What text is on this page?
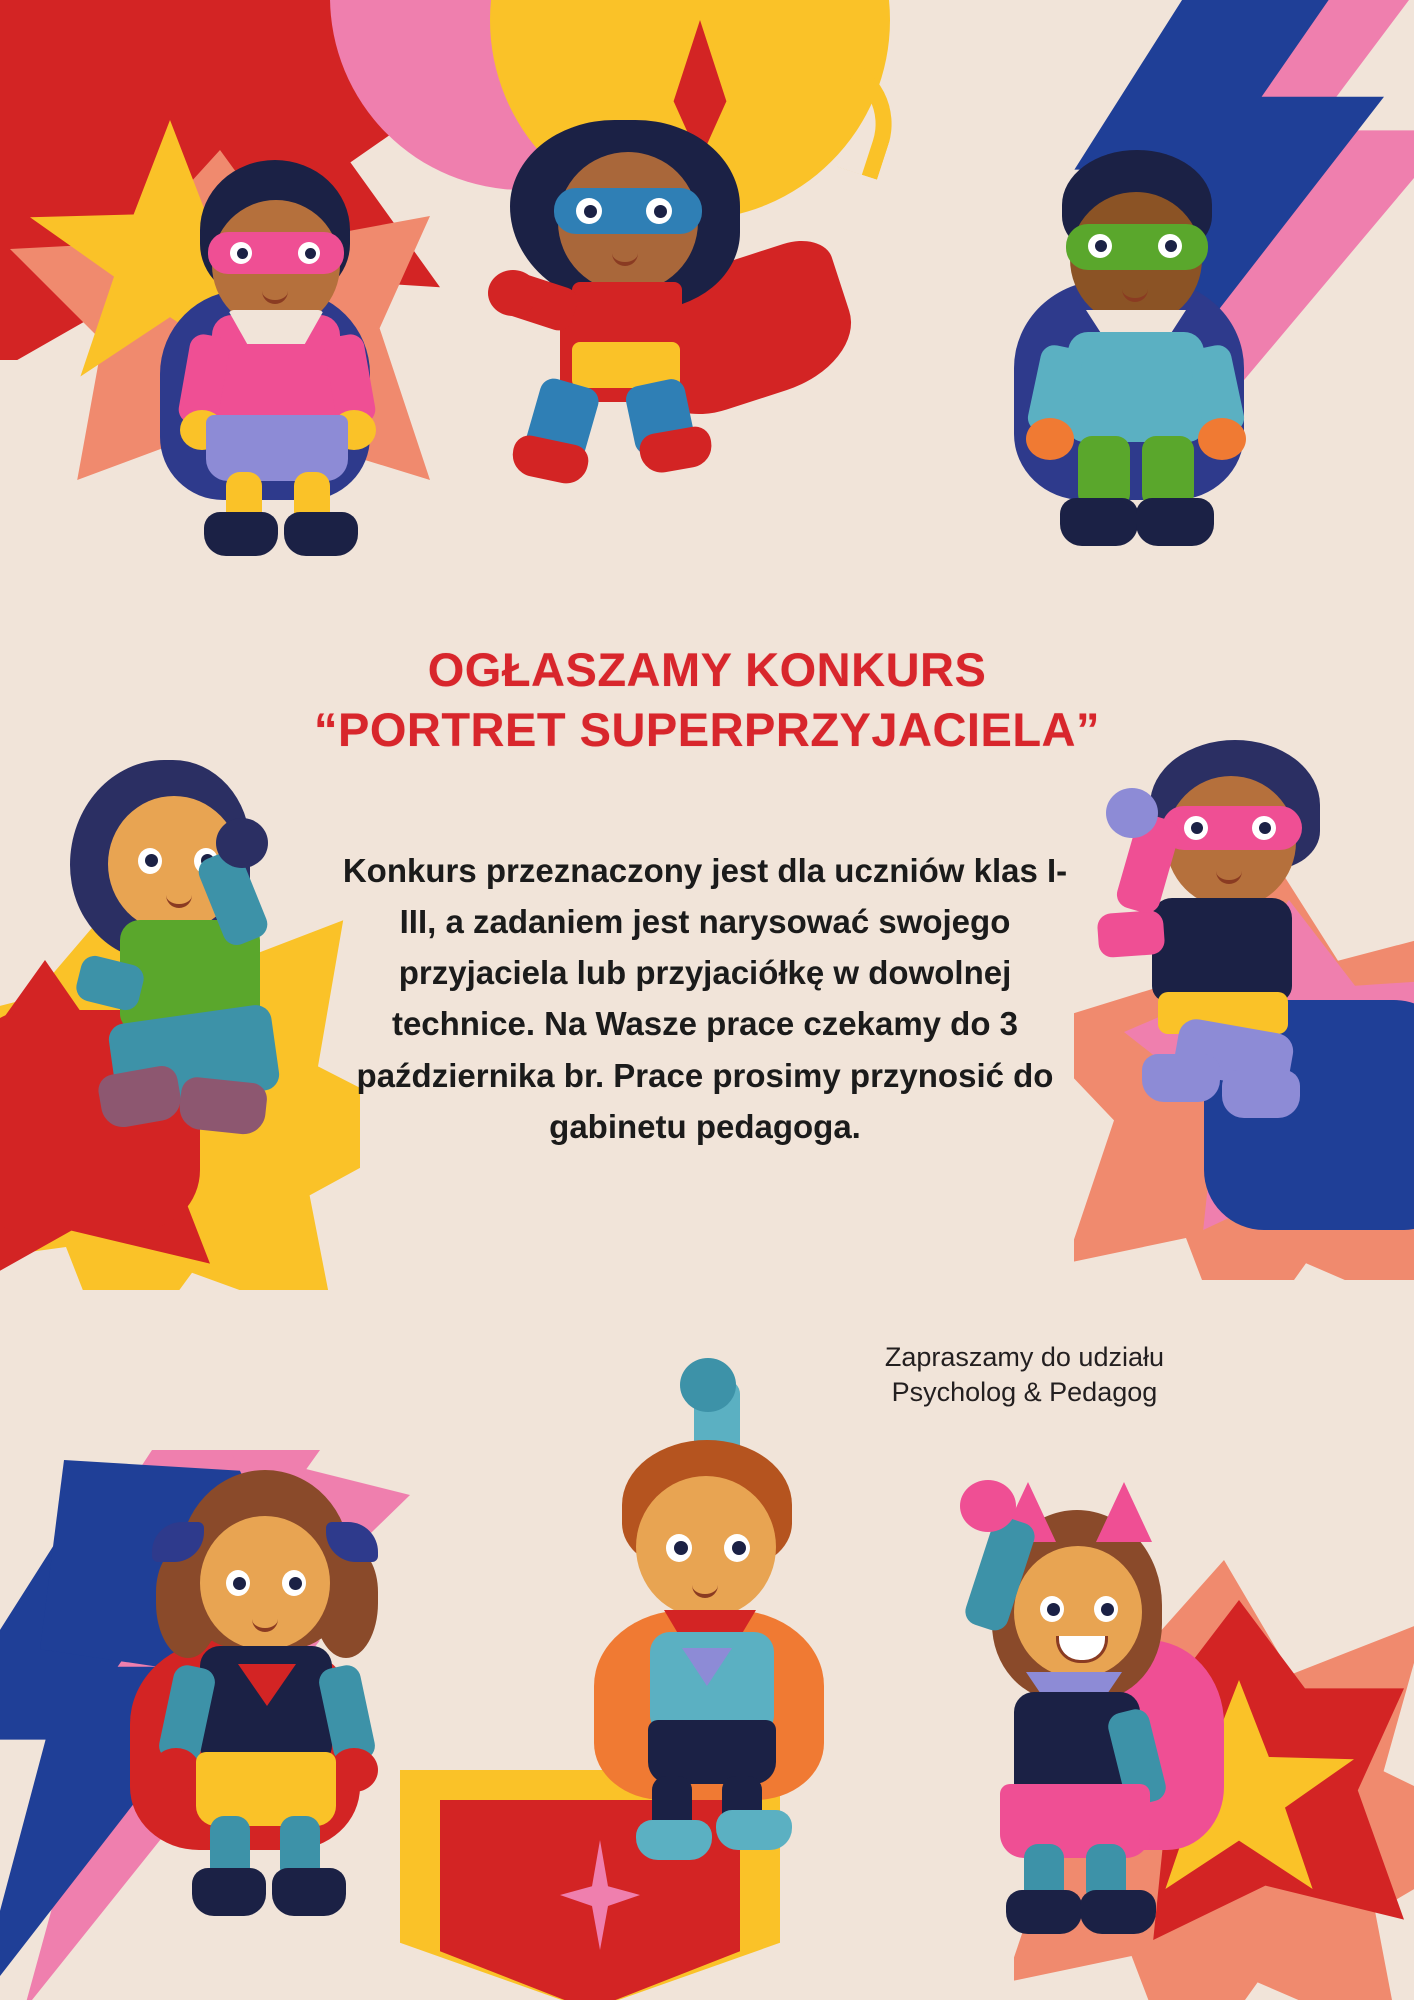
OGŁASZAMY KONKURS

“PORTRET SUPERPRZYJACIELA”

Konkurs przeznaczony jest dla uczniów klas I-III, a zadaniem jest narysować swojego przyjaciela lub przyjaciółkę w dowolnej technice. Na Wasze prace czekamy do 3 października br. Prace prosimy przynosić do gabinetu pedagoga.

Zapraszamy do udziału

Psycholog & Pedagog
